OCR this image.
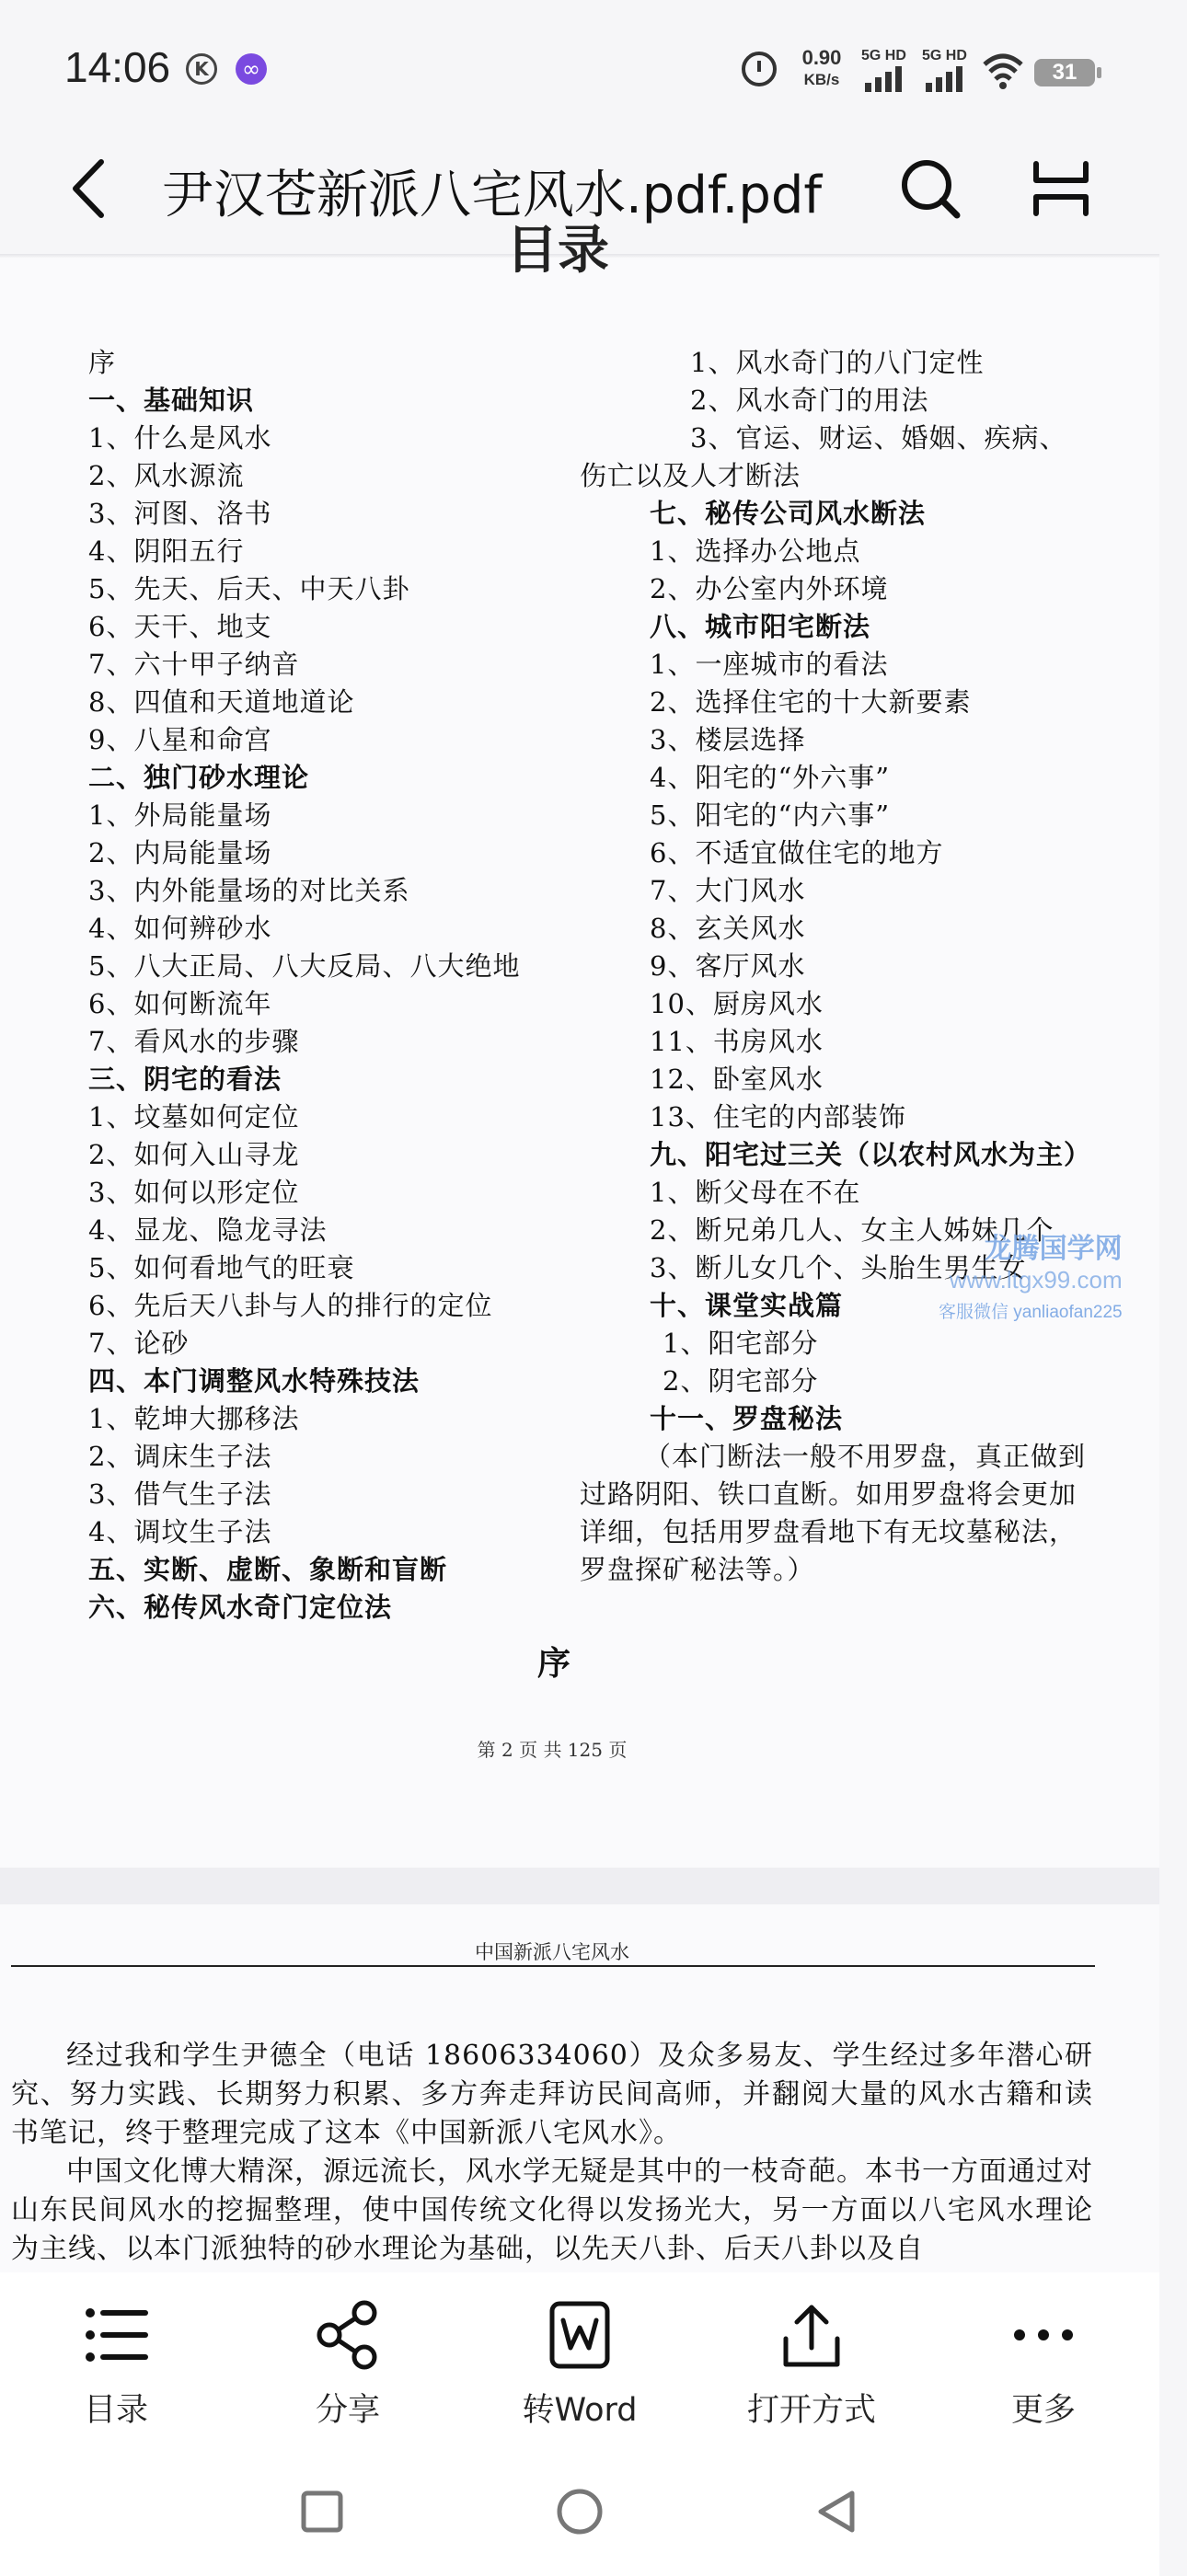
14:06	K	∞	0.90
KB/s
5G HD 5G HD
31
尹汉苍新派八宅风水.pdf.pdf
目录
序
一、基础知识
1、什么是风水
2、风水源流
3、河图、洛书
4、阴阳五行
5、先天、后天、中天八卦
6、天干、地支
7、六十甲子纳音
8、四值和天道地道论
9、八星和命宫
二、独门砂水理论
1、外局能量场
2、内局能量场
3、内外能量场的对比关系
4、如何辨砂水
5、八大正局、八大反局、八大绝地
6、如何断流年
7、看风水的步骤
三、阴宅的看法
1、坟墓如何定位
2、如何入山寻龙
3、如何以形定位
4、显龙、隐龙寻法
5、如何看地气的旺衰
6、先后天八卦与人的排行的定位
7、论砂
四、本门调整风水特殊技法
1、乾坤大挪移法
2、调床生子法
3、借气生子法
4、调坟生子法
五、实断、虚断、象断和盲断
六、秘传风水奇门定位法
1、风水奇门的八门定性
2、风水奇门的用法
3、官运、财运、婚姻、疾病、
伤亡以及人才断法
七、秘传公司风水断法
1、选择办公地点
2、办公室内外环境
八、城市阳宅断法
1、一座城市的看法
2、选择住宅的十大新要素
3、楼层选择
4、阳宅的“外六事”
5、阳宅的“内六事”
6、不适宜做住宅的地方
7、大门风水
8、玄关风水
9、客厅风水
10、厨房风水
11、书房风水
12、卧室风水
13、住宅的内部装饰
九、阳宅过三关（以农村风水为主）
1、断父母在不在
2、断兄弟几人、女主人姊妹几个
3、断儿女几个、头胎生男生女
十、课堂实战篇
1、阳宅部分
2、阴宅部分
十一、罗盘秘法
（本门断法一般不用罗盘，真正做到
过路阴阳、铁口直断。如用罗盘将会更加
详细，包括用罗盘看地下有无坟墓秘法，
罗盘探矿秘法等。）
序
第 2 页 共 125 页
中国新派八宅风水

经过我和学生尹德全（电话 18606334060）及众多易友、学生经过多年潜心研究、努力实践、长期努力积累、多方奔走拜访民间高师，并翻阅大量的风水古籍和读书笔记，终于整理完成了这本《中国新派八宅风水》。

中国文化博大精深，源远流长，风水学无疑是其中的一枝奇葩。本书一方面通过对山东民间风水的挖掘整理，使中国传统文化得以发扬光大，另一方面以八宅风水理论为主线、以本门派独特的砂水理论为基础，以先天八卦、后天八卦以及自

龙腾国学网
www.ltgx99.com
客服微信 yanliaofan225
目录	分享	转Word	打开方式	更多
